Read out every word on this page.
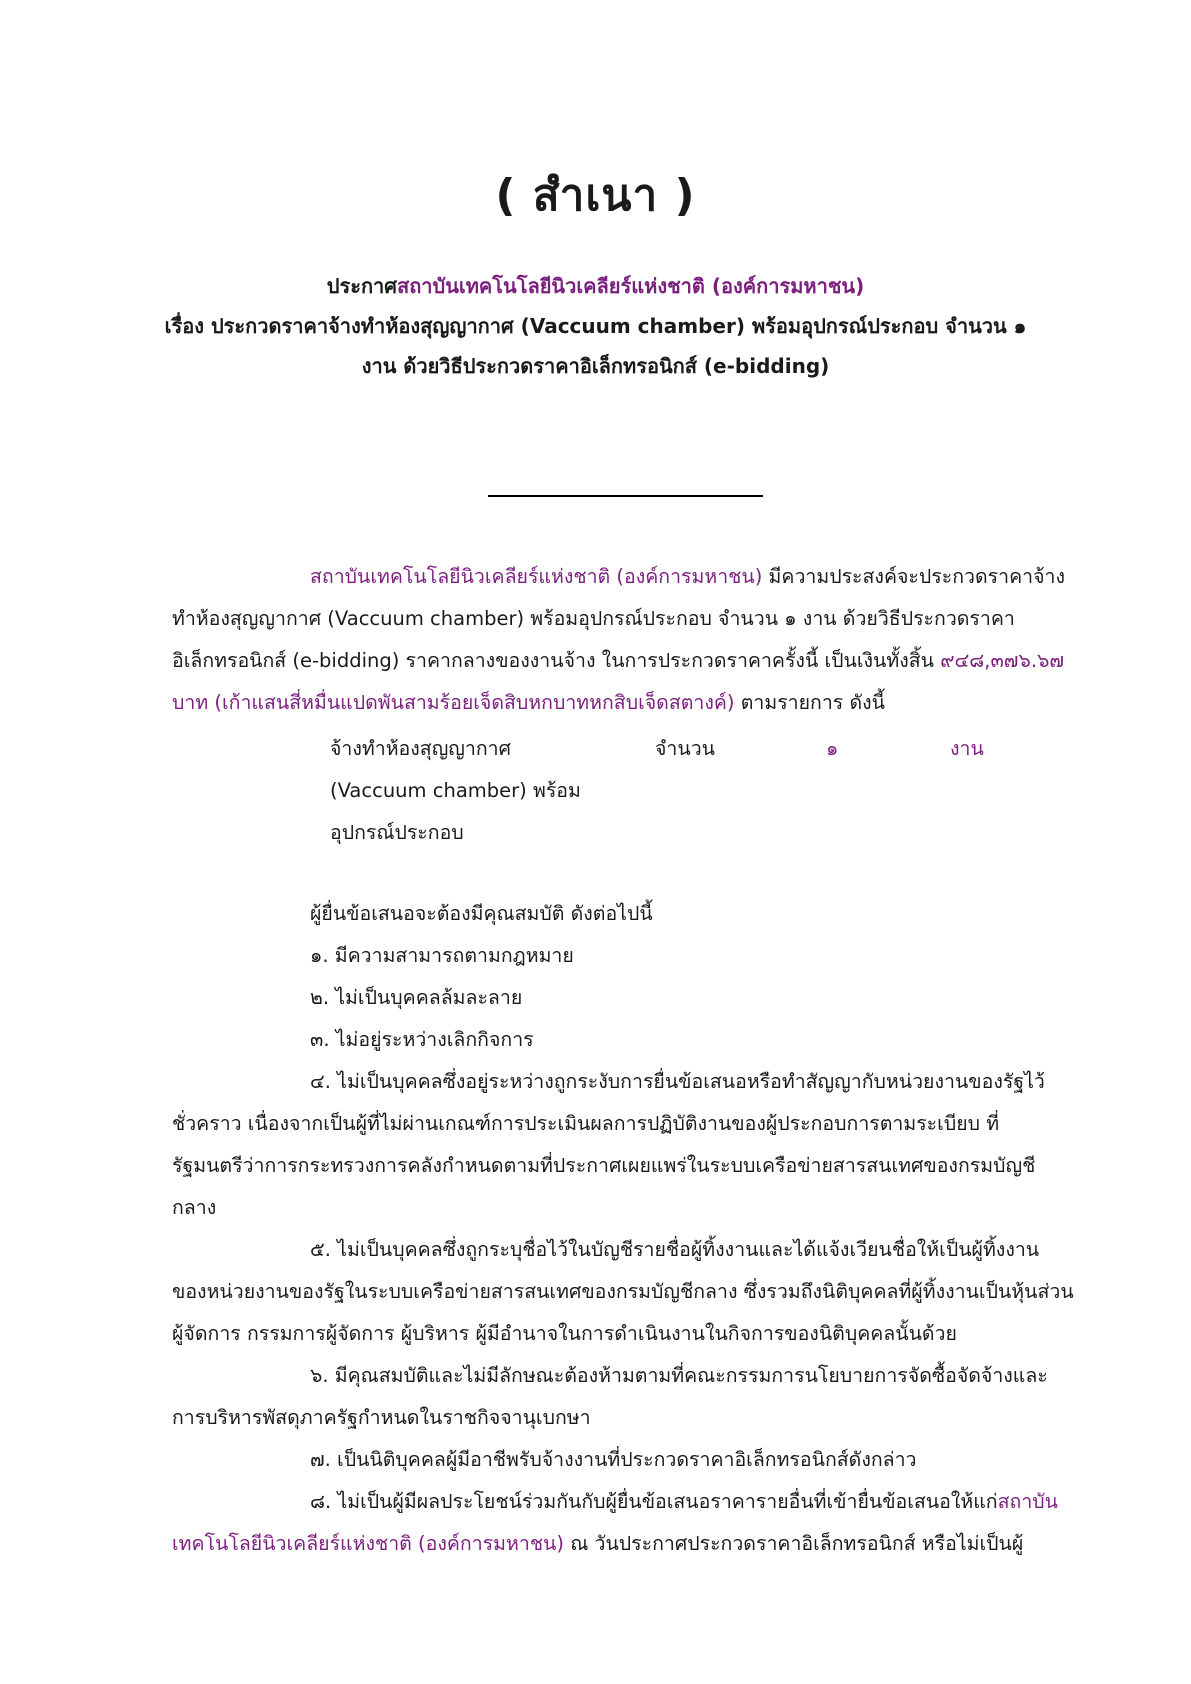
( สำเนา )
ประกาศสถาบันเทคโนโลยีนิวเคลียร์แห่งชาติ (องค์การมหาชน)
เรื่อง ประกวดราคาจ้างทำห้องสุญญากาศ (Vaccuum chamber) พร้อมอุปกรณ์ประกอบ จำนวน ๑
งาน ด้วยวิธีประกวดราคาอิเล็กทรอนิกส์ (e-bidding)
สถาบันเทคโนโลยีนิวเคลียร์แห่งชาติ (องค์การมหาชน) มีความประสงค์จะประกวดราคาจ้าง
ทำห้องสุญญากาศ (Vaccuum chamber) พร้อมอุปกรณ์ประกอบ จำนวน ๑ งาน ด้วยวิธีประกวดราคา
อิเล็กทรอนิกส์ (e-bidding) ราคากลางของงานจ้าง ในการประกวดราคาครั้งนี้ เป็นเงินทั้งสิ้น ๙๔๘,๓๗๖.๖๗
บาท (เก้าแสนสี่หมื่นแปดพันสามร้อยเจ็ดสิบหกบาทหกสิบเจ็ดสตางค์) ตามรายการ ดังนี้
จ้างทำห้องสุญญากาศ
(Vaccuum chamber) พร้อม
อุปกรณ์ประกอบ
จำนวน	๑	งาน
ผู้ยื่นข้อเสนอจะต้องมีคุณสมบัติ ดังต่อไปนี้
๑. มีความสามารถตามกฎหมาย
๒. ไม่เป็นบุคคลล้มละลาย
๓. ไม่อยู่ระหว่างเลิกกิจการ
๔. ไม่เป็นบุคคลซึ่งอยู่ระหว่างถูกระงับการยื่นข้อเสนอหรือทำสัญญากับหน่วยงานของรัฐไว้
ชั่วคราว เนื่องจากเป็นผู้ที่ไม่ผ่านเกณฑ์การประเมินผลการปฏิบัติงานของผู้ประกอบการตามระเบียบ ที่
รัฐมนตรีว่าการกระทรวงการคลังกำหนดตามที่ประกาศเผยแพร่ในระบบเครือข่ายสารสนเทศของกรมบัญชี
กลาง
๕. ไม่เป็นบุคคลซึ่งถูกระบุชื่อไว้ในบัญชีรายชื่อผู้ทิ้งงานและได้แจ้งเวียนชื่อให้เป็นผู้ทิ้งงาน
ของหน่วยงานของรัฐในระบบเครือข่ายสารสนเทศของกรมบัญชีกลาง ซึ่งรวมถึงนิติบุคคลที่ผู้ทิ้งงานเป็นหุ้นส่วน
ผู้จัดการ กรรมการผู้จัดการ ผู้บริหาร ผู้มีอำนาจในการดำเนินงานในกิจการของนิติบุคคลนั้นด้วย
๖. มีคุณสมบัติและไม่มีลักษณะต้องห้ามตามที่คณะกรรมการนโยบายการจัดซื้อจัดจ้างและ
การบริหารพัสดุภาครัฐกำหนดในราชกิจจานุเบกษา
๗. เป็นนิติบุคคลผู้มีอาชีพรับจ้างงานที่ประกวดราคาอิเล็กทรอนิกส์ดังกล่าว
๘. ไม่เป็นผู้มีผลประโยชน์ร่วมกันกับผู้ยื่นข้อเสนอราคารายอื่นที่เข้ายื่นข้อเสนอให้แก่สถาบัน
เทคโนโลยีนิวเคลียร์แห่งชาติ (องค์การมหาชน) ณ วันประกาศประกวดราคาอิเล็กทรอนิกส์ หรือไม่เป็นผู้
